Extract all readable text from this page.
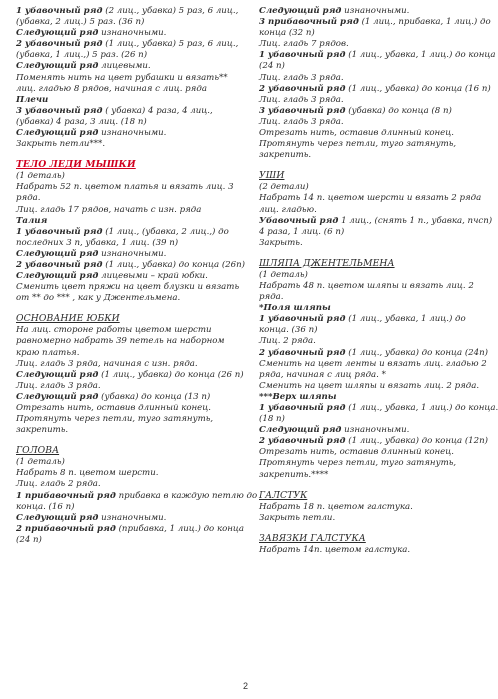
1 убавочный ряд (2 лиц., убавка) 5 раз, 6 лиц.,
(убавка, 2 лиц.) 5 раз. (36 п)
Следующий ряд изнаночными.
2 убавочный ряд (1 лиц., убавка) 5 раз, 6 лиц.,
(убавка, 1 лиц.,) 5 раз. (26 п)
Следующий ряд лицевыми.
Поменять нить на цвет рубашки и вязать**
лиц. гладью 8 рядов, начиная с лиц. ряда
Плечи
3 убавочный ряд ( убавка) 4 раза, 4 лиц.,
(убавка) 4 раза, 3 лиц. (18 п)
Следующий ряд изнаночными.
Закрыть петли***.
ТЕЛО ЛЕДИ МЫШКИ
(1 деталь)
Набрать 52 п. цветом платья и вязать лиц. 3
ряда.
Лиц. гладь 17 рядов, начать с изн. ряда
Талия
1 убавочный ряд (1 лиц., (убавка, 2 лиц.,) до
последних 3 п, убавка, 1 лиц. (39 п)
Следующий ряд изнаночными.
2 убавочный ряд (1 лиц., убавка) до конца (26п)
Следующий ряд лицевыми – край юбки.
Сменить цвет пряжи на цвет блузки и вязать
от ** до *** , как у Джентельмена.
ОСНОВАНИЕ ЮБКИ
На лиц. стороне работы цветом шерсти
равномерно набрать 39 петель на наборном
краю платья.
Лиц. гладь 3 ряда, начиная с изн. ряда.
Следующий ряд (1 лиц., убавка) до конца (26 п)
Лиц. гладь 3 ряда.
Следующий ряд (убавка) до конца (13 п)
Отрезать нить, оставив длинный конец.
Протянуть через петли, туго затянуть,
закрепить.
ГОЛОВА
(1 деталь)
Набрать 8 п. цветом шерсти.
Лиц. гладь 2 ряда.
1 прибавочный ряд прибавка в каждую петлю до
конца. (16 п)
Следующий ряд изнаночными.
2 прибавочный ряд (прибавка, 1 лиц.) до конца
(24 п)
Следующий ряд изнаночными.
3 прибавочный ряд (1 лиц., прибавка, 1 лиц.) до
конца (32 п)
Лиц. гладь 7 рядов.
1 убавочный ряд (1 лиц., убавка, 1 лиц.) до конца
(24 п)
Лиц. гладь 3 ряда.
2 убавочный ряд (1 лиц., убавка) до конца (16 п)
Лиц. гладь 3 ряда.
3 убавочный ряд (убавка) до конца (8 п)
Лиц. гладь 3 ряда.
Отрезать нить, оставив длинный конец.
Протянуть через петли, туго затянуть,
закрепить.
УШИ
(2 детали)
Набрать 14 п. цветом шерсти и вязать 2 ряда
лиц. гладью.
Убавочный ряд 1 лиц., (снять 1 п., убавка, пчсп)
4 раза, 1 лиц. (6 п)
Закрыть.
ШЛЯПА ДЖЕНТЕЛЬМЕНА
(1 деталь)
Набрать 48 п. цветом шляпы и вязать лиц. 2
ряда.
*Поля шляпы
1 убавочный ряд (1 лиц., убавка, 1 лиц.) до
конца. (36 п)
Лиц. 2 ряда.
2 убавочный ряд (1 лиц., убавка) до конца (24п)
Сменить на цвет ленты и вязать лиц. гладью 2
ряда, начиная с лиц ряда. *
Сменить на цвет шляпы и вязать лиц. 2 ряда.
***Верх шляпы
1 убавочный ряд (1 лиц., убавка, 1 лиц.) до конца.
(18 п)
Следующий ряд изнаночными.
2 убавочный ряд (1 лиц., убавка) до конца (12п)
Отрезать нить, оставив длинный конец.
Протянуть через петли, туго затянуть,
закрепить.****
ГАЛСТУК
Набрать 18 п. цветом галстука.
Закрыть петли.
ЗАВЯЗКИ ГАЛСТУКА
Набрать 14п. цветом галстука.
2
